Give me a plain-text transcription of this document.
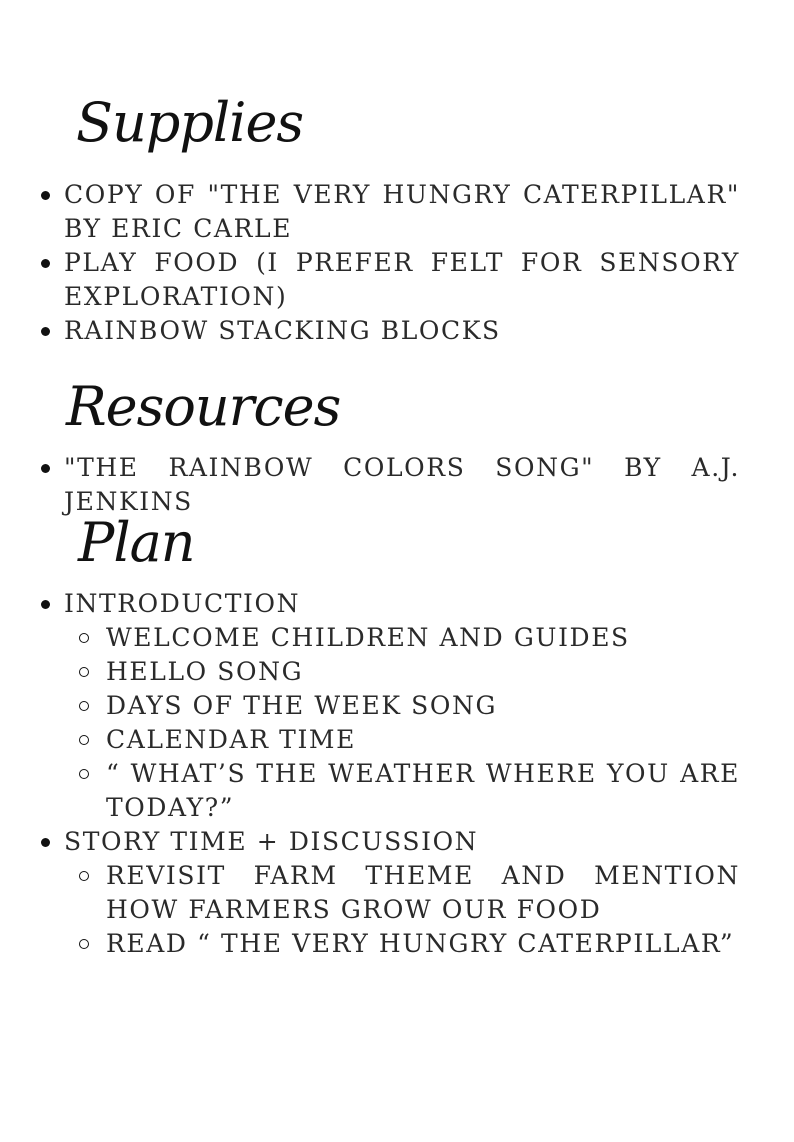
Supplies
COPY OF "THE VERY HUNGRY CATERPILLAR" BY ERIC CARLE
PLAY FOOD (I PREFER FELT FOR SENSORY EXPLORATION)
RAINBOW STACKING BLOCKS
Resources
"THE RAINBOW COLORS SONG" BY A.J. JENKINS
Plan
INTRODUCTION
WELCOME CHILDREN AND GUIDES
HELLO SONG
DAYS OF THE WEEK SONG
CALENDAR TIME
“ WHAT’S THE WEATHER WHERE YOU ARE TODAY?”
STORY TIME + DISCUSSION
REVISIT FARM THEME AND MENTION HOW FARMERS GROW OUR FOOD
READ “ THE VERY HUNGRY CATERPILLAR”
